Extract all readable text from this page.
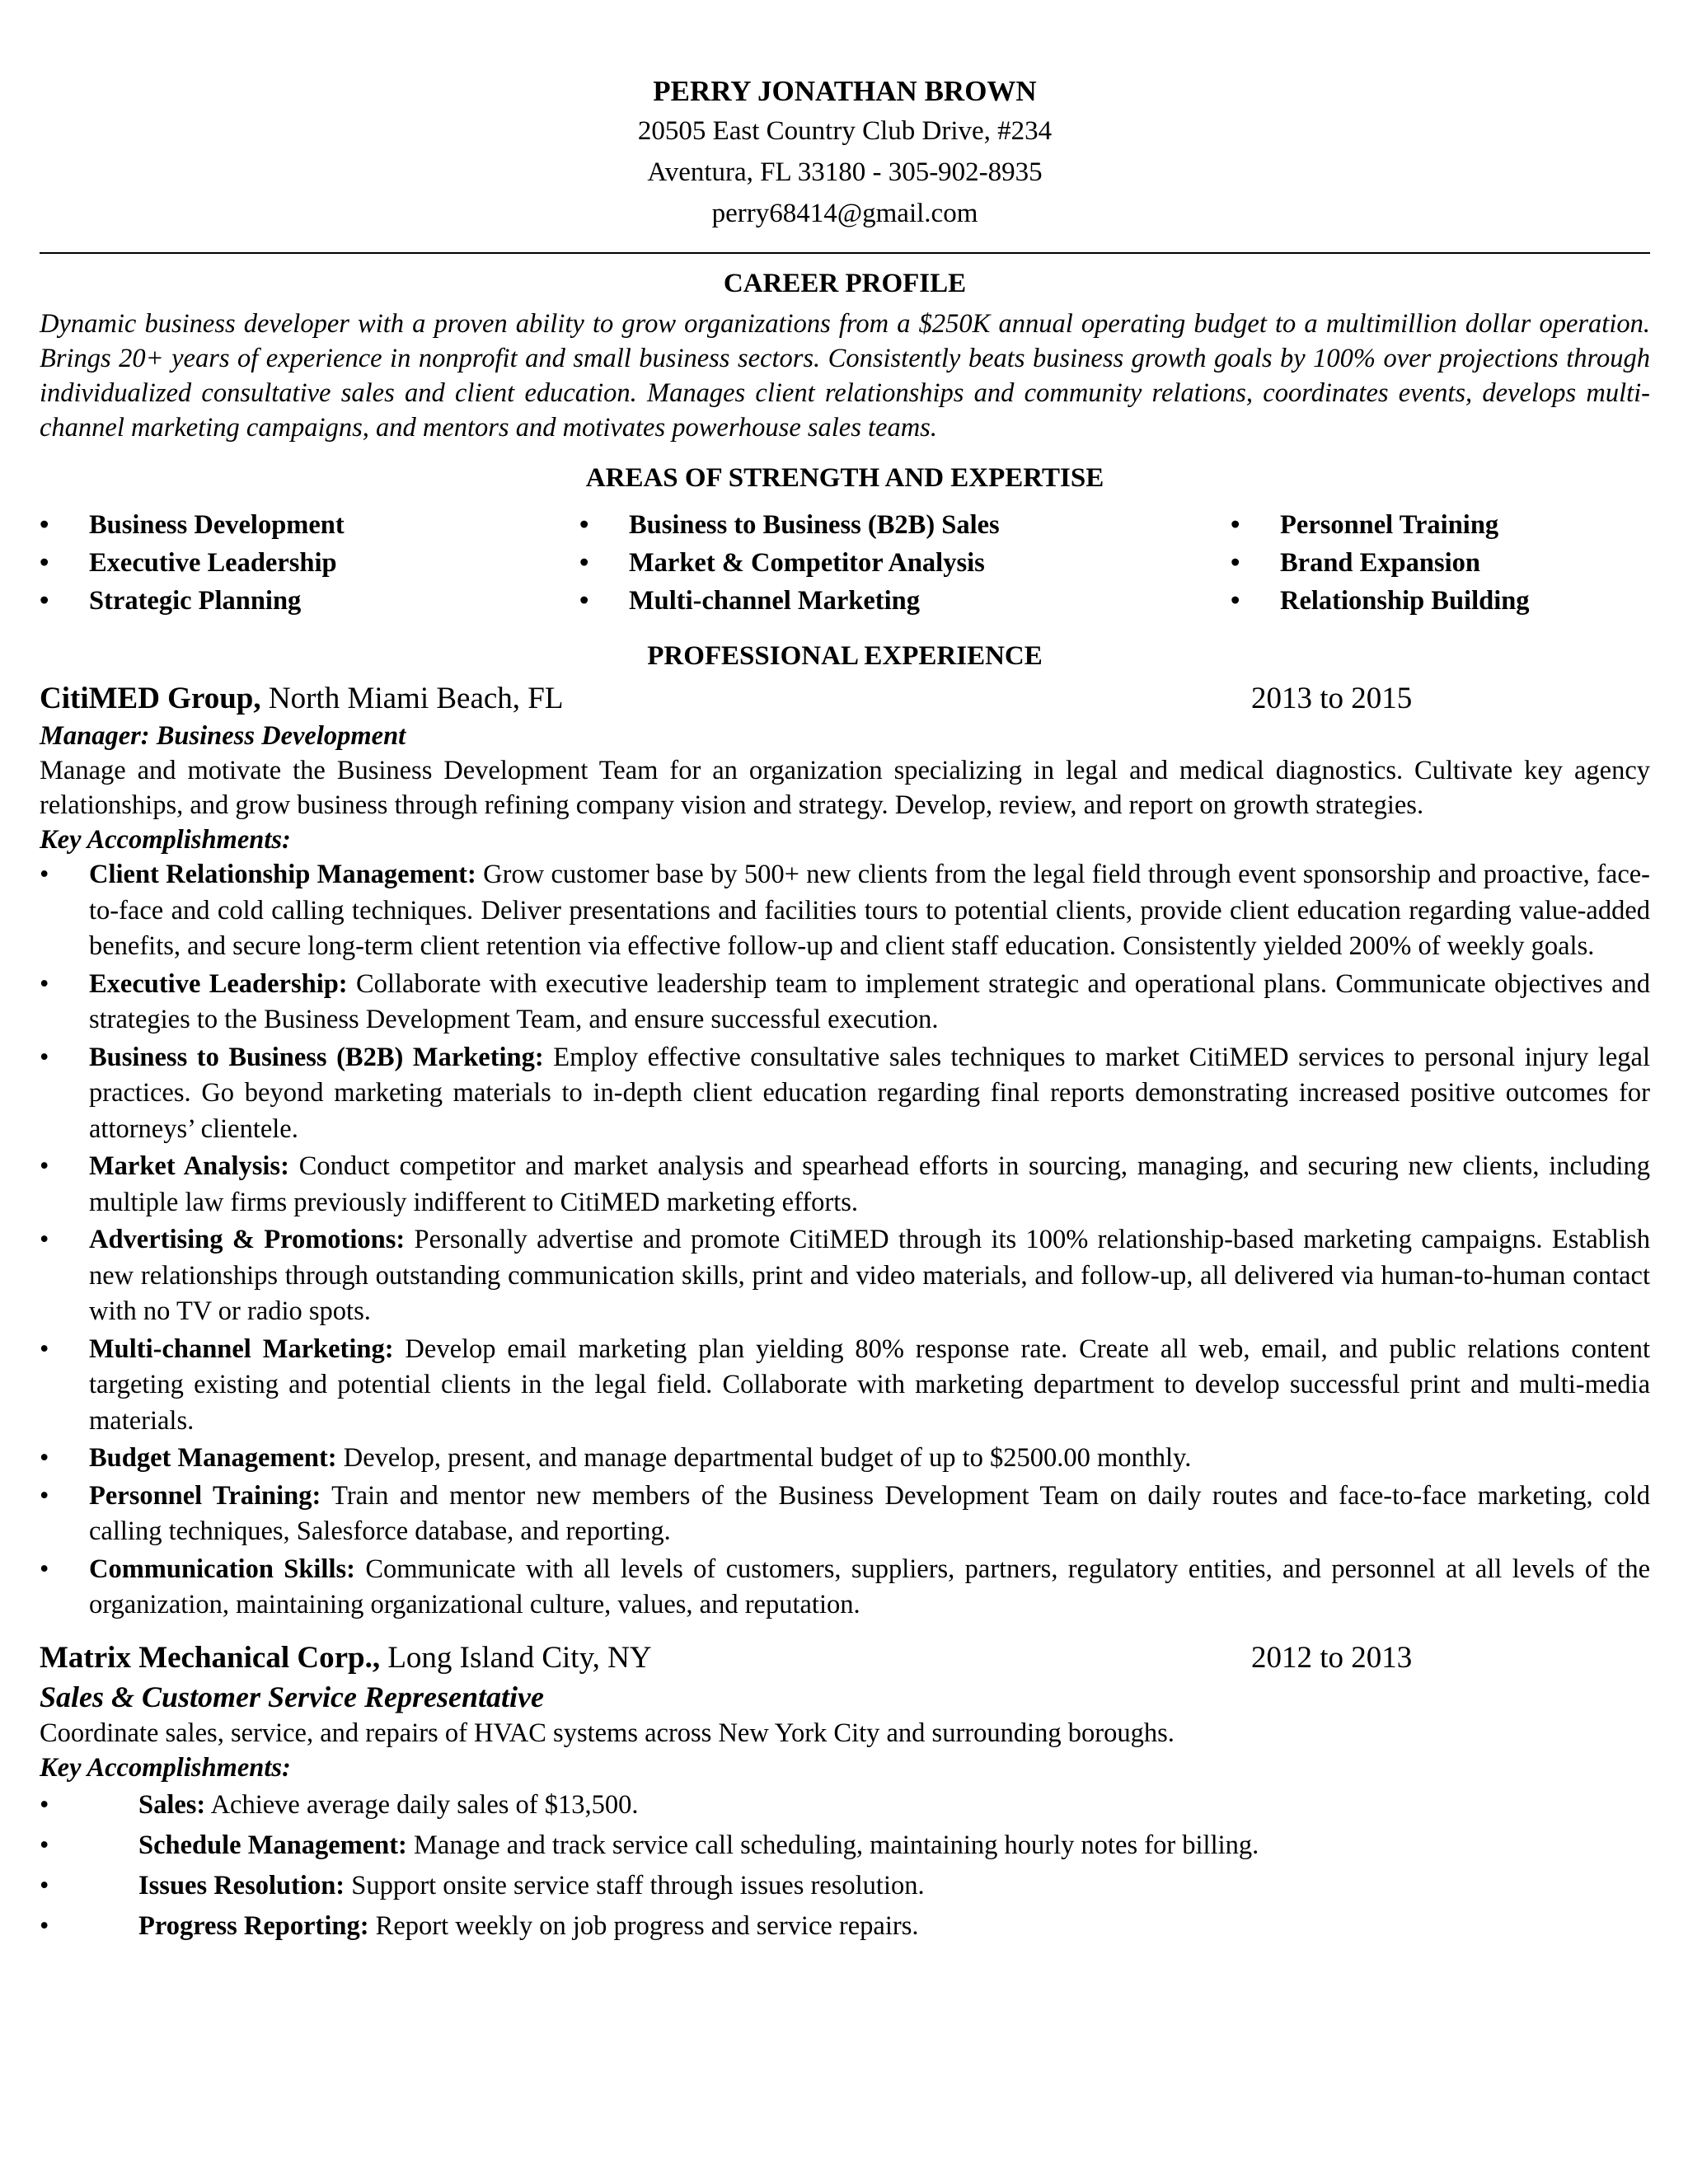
PERRY JONATHAN BROWN
20505 East Country Club Drive, #234
Aventura, FL 33180 - 305-902-8935
perry68414@gmail.com
CAREER PROFILE
Dynamic business developer with a proven ability to grow organizations from a $250K annual operating budget to a multimillion dollar operation. Brings 20+ years of experience in nonprofit and small business sectors. Consistently beats business growth goals by 100% over projections through individualized consultative sales and client education. Manages client relationships and community relations, coordinates events, develops multi-channel marketing campaigns, and mentors and motivates powerhouse sales teams.
AREAS OF STRENGTH AND EXPERTISE
• Business Development
• Executive Leadership
• Strategic Planning
• Business to Business (B2B) Sales
• Market & Competitor Analysis
• Multi-channel Marketing
• Personnel Training
• Brand Expansion
• Relationship Building
PROFESSIONAL EXPERIENCE
CitiMED Group, North Miami Beach, FL	2013 to 2015
Manager: Business Development
Manage and motivate the Business Development Team for an organization specializing in legal and medical diagnostics. Cultivate key agency relationships, and grow business through refining company vision and strategy. Develop, review, and report on growth strategies.
Key Accomplishments:
• Client Relationship Management: Grow customer base by 500+ new clients from the legal field through event sponsorship and proactive, face-to-face and cold calling techniques. Deliver presentations and facilities tours to potential clients, provide client education regarding value-added benefits, and secure long-term client retention via effective follow-up and client staff education. Consistently yielded 200% of weekly goals.
• Executive Leadership: Collaborate with executive leadership team to implement strategic and operational plans. Communicate objectives and strategies to the Business Development Team, and ensure successful execution.
• Business to Business (B2B) Marketing: Employ effective consultative sales techniques to market CitiMED services to personal injury legal practices. Go beyond marketing materials to in-depth client education regarding final reports demonstrating increased positive outcomes for attorneys’ clientele.
• Market Analysis: Conduct competitor and market analysis and spearhead efforts in sourcing, managing, and securing new clients, including multiple law firms previously indifferent to CitiMED marketing efforts.
• Advertising & Promotions: Personally advertise and promote CitiMED through its 100% relationship-based marketing campaigns. Establish new relationships through outstanding communication skills, print and video materials, and follow-up, all delivered via human-to-human contact with no TV or radio spots.
• Multi-channel Marketing: Develop email marketing plan yielding 80% response rate. Create all web, email, and public relations content targeting existing and potential clients in the legal field. Collaborate with marketing department to develop successful print and multi-media materials.
• Budget Management: Develop, present, and manage departmental budget of up to $2500.00 monthly.
• Personnel Training: Train and mentor new members of the Business Development Team on daily routes and face-to-face marketing, cold calling techniques, Salesforce database, and reporting.
• Communication Skills: Communicate with all levels of customers, suppliers, partners, regulatory entities, and personnel at all levels of the organization, maintaining organizational culture, values, and reputation.
Matrix Mechanical Corp., Long Island City, NY	2012 to 2013
Sales & Customer Service Representative
Coordinate sales, service, and repairs of HVAC systems across New York City and surrounding boroughs.
Key Accomplishments:
• Sales: Achieve average daily sales of $13,500.
• Schedule Management: Manage and track service call scheduling, maintaining hourly notes for billing.
• Issues Resolution: Support onsite service staff through issues resolution.
• Progress Reporting: Report weekly on job progress and service repairs.
